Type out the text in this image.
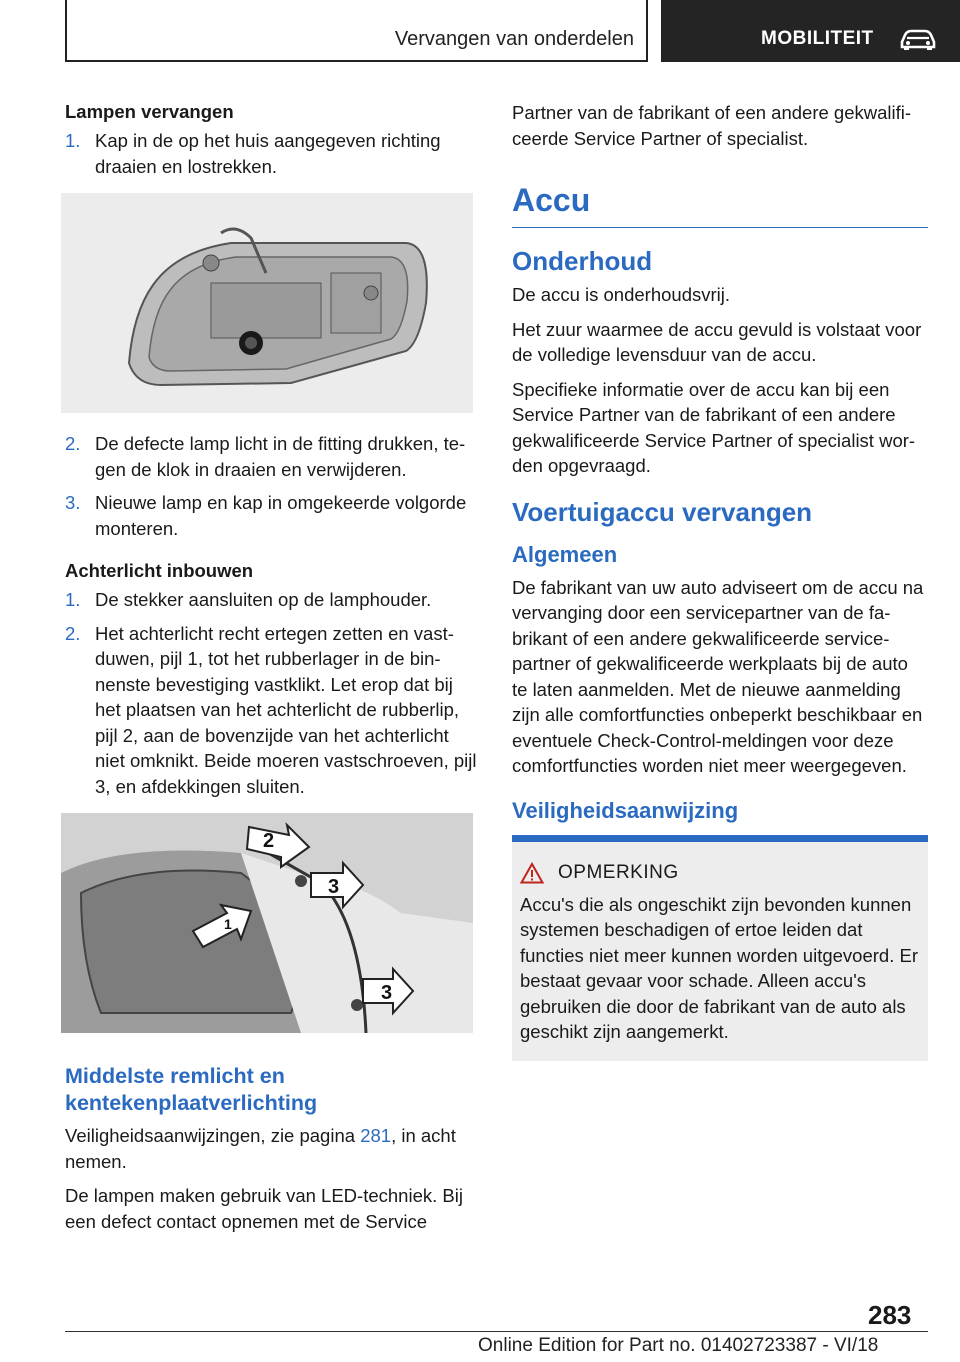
Vervangen van onderdelen	MOBILITEIT
Lampen vervangen
1. Kap in de op het huis aangegeven richting draaien en lostrekken.
2. De defecte lamp licht in de fitting drukken, tegen de klok in draaien en verwijderen.
3. Nieuwe lamp en kap in omgekeerde volgorde monteren.
Achterlicht inbouwen
1. De stekker aansluiten op de lamphouder.
2. Het achterlicht recht ertegen zetten en vastduwen, pijl 1, tot het rubberlager in de binnenste bevestiging vastklikt. Let erop dat bij het plaatsen van het achterlicht de rubberlip, pijl 2, aan de bovenzijde van het achterlicht niet omknikt. Beide moeren vastschroeven, pijl 3, en afdekkingen sluiten.
2
3
1
3
Middelste remlicht en kentekenplaatverlichting

Veiligheidsaanwijzingen, zie pagina 281, in acht nemen.

De lampen maken gebruik van LED-techniek. Bij een defect contact opnemen met de Service

Partner van de fabrikant of een andere gekwalificeerde Service Partner of specialist.

Accu
Onderhoud

De accu is onderhoudsvrij.

Het zuur waarmee de accu gevuld is volstaat voor de volledige levensduur van de accu.

Specifieke informatie over de accu kan bij een Service Partner van de fabrikant of een andere gekwalificeerde Service Partner of specialist worden opgevraagd.

Voertuigaccu vervangen
Algemeen

De fabrikant van uw auto adviseert om de accu na vervanging door een servicepartner van de fabrikant of een andere gekwalificeerde servicepartner of gekwalificeerde werkplaats bij de auto te laten aanmelden. Met de nieuwe aanmelding zijn alle comfortfuncties onbeperkt beschikbaar en eventuele Check-Control-meldingen voor deze comfortfuncties worden niet meer weergegeven.

Veiligheidsaanwijzing
OPMERKING

Accu's die als ongeschikt zijn bevonden kunnen systemen beschadigen of ertoe leiden dat functies niet meer kunnen worden uitgevoerd. Er bestaat gevaar voor schade. Alleen accu's gebruiken die door de fabrikant van de auto als geschikt zijn aangemerkt.

283
Online Edition for Part no. 01402723387 - VI/18
